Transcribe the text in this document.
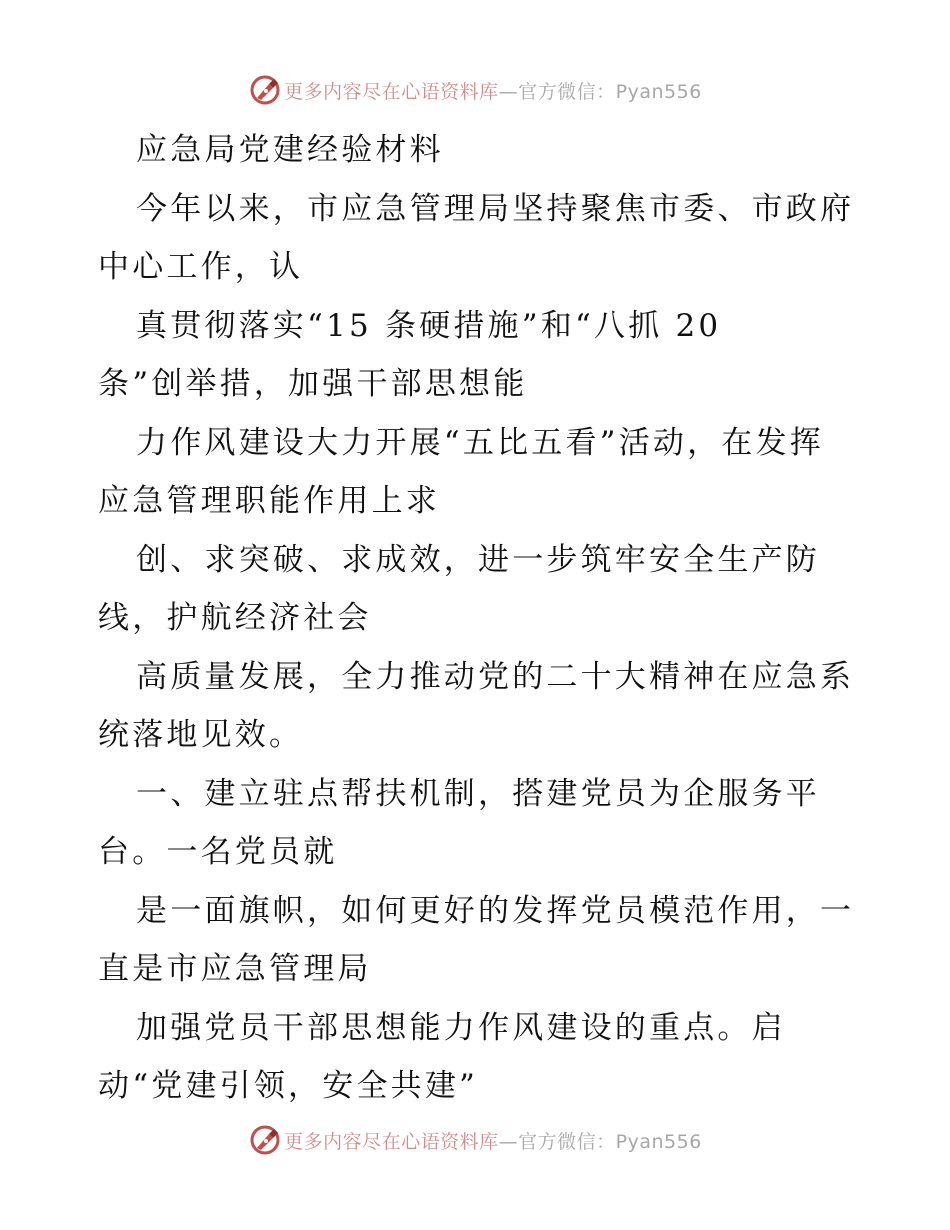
更多内容尽在心语资料库 —官方微信：Pyan556
应急局党建经验材料
今年以来，市应急管理局坚持聚焦市委、市政府
中心工作，认
真贯彻落实“15 条硬措施”和“八抓 20
条”创举措，加强干部思想能
力作风建设大力开展“五比五看”活动，在发挥
应急管理职能作用上求
创、求突破、求成效，进一步筑牢安全生产防
线，护航经济社会
高质量发展，全力推动党的二十大精神在应急系
统落地见效。
一、建立驻点帮扶机制，搭建党员为企服务平
台。一名党员就
是一面旗帜，如何更好的发挥党员模范作用，一
直是市应急管理局
加强党员干部思想能力作风建设的重点。启
动“党建引领，安全共建”
更多内容尽在心语资料库 —官方微信：Pyan556
